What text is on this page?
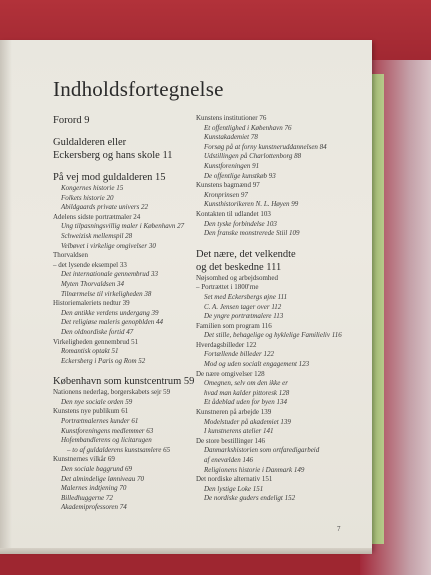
Indholdsfortegnelse
Forord 9
Guldalderen eller
Eckersberg og hans skole 11
På vej mod guldalderen 15
Kongernes historie 15
Folkets historie 20
Abildgaards private univers 22
Adelens sidste portrætmaler 24
Ung tilpasningsvillig maler i København 27
Schweizisk mellemspil 28
Velbøvet i virkelige omgivelser 30
Thorvaldsen
– det lysende eksempel 33
Det internationale gennembrud 33
Myten Thorvaldsen 34
Tilnærmelse til virkeligheden 38
Historiemaleriets nedtur 39
Den antikke verdens undergang 39
Det religiøse maleris genopblden 44
Den oldnordiske fortid 47
Virkeligheden gennembrud 51
Romantisk optakt 51
Eckersberg i Paris og Rom 52
København som kunstcentrum 59
Nationens nederlag, borgerskabets sejr 59
Den nye sociale orden 59
Kunstens nye publikum 61
Portrætmalernes kunder 61
Kunstforeningens medlemmer 63
Hofembandlerens og licitarugen
– to af guldalderens kunstsamlere 65
Kunstnernes vilkår 69
Den sociale baggrund 69
Det almindelige lønniveau 70
Malernes indtjening 70
Billedhuggerne 72
Akademiprofessoren 74
Kunstens institutioner 76
Et offentlighed i København 76
Kunstakademiet 78
Forsøg på at forny kunstneruddannelsen 84
Udstillingen på Charlottenborg 88
Kunstforeningen 91
De offentlige kunstkøb 93
Kunstens bagmænd 97
Kronprinsen 97
Kunsthistorikeren N. L. Høyen 99
Kontakten til udlandet 103
Den tyske forbindelse 103
Den franske monstrerede Stiil 109
Det nære, det velkendte
og det beskedne 111
Nøjsomhed og arbejdsomhed
– Portrættet i 1800'rne
Set med Eckersbergs øjne 111
C. A. Jensen tager over 112
De yngre portrætmalere 113
Familien som program 116
Det stille, behagelige og hyklelige Familieliv 116
Hverdagsbilleder 122
Fortællende billeder 122
Mod og uden socialt engagement 123
De nære omgivelser 128
Omegnen, selv om den ikke er
hvad man kalder pittoresk 128
Et ådeblad uden for byen 134
Kunstneren på arbejde 139
Modelstuder på akademiet 139
I kunstnerens atelier 141
De store bestillinger 146
Danmarkshistorien som ortfaredigarbeid
af enevælden 146
Religionens historie i Danmark 149
Det nordiske alternativ 151
Den lystige Loke 151
De nordiske guders endeligt 152
7
